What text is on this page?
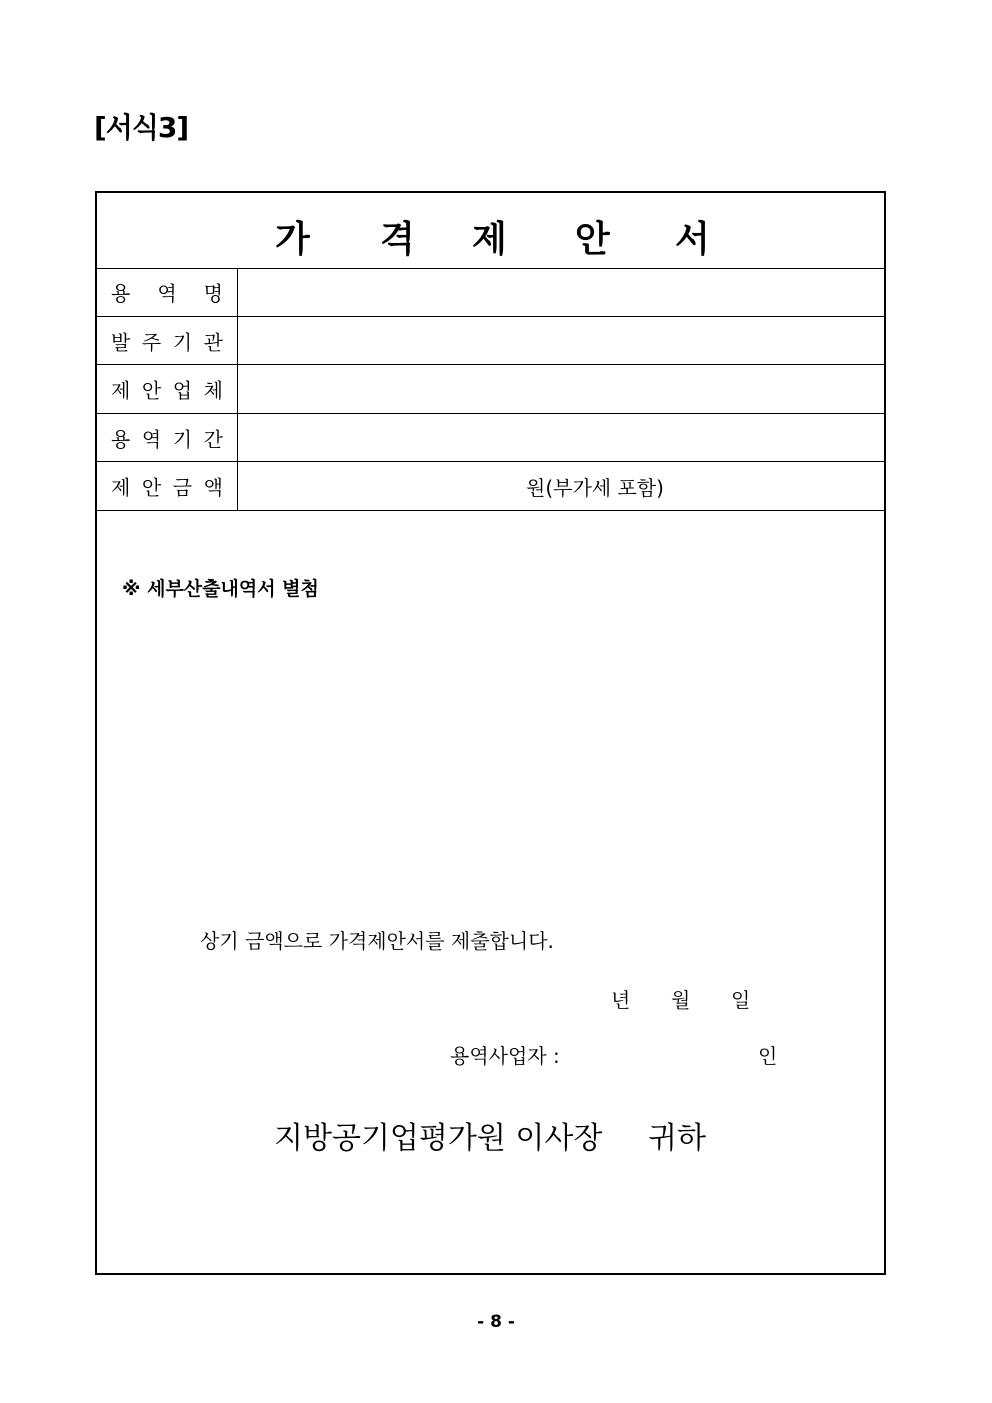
[서식3]
가 격 제 안 서
용 역 명
발 주 기 관
제 안 업 체
용 역 기 간
제 안 금 액	원(부가세 포함)
※ 세부산출내역서 별첨
상기 금액으로 가격제안서를 제출합니다.
년 월 일
용역사업자 :	인
지방공기업평가원 이사장 귀하
- 8 -
